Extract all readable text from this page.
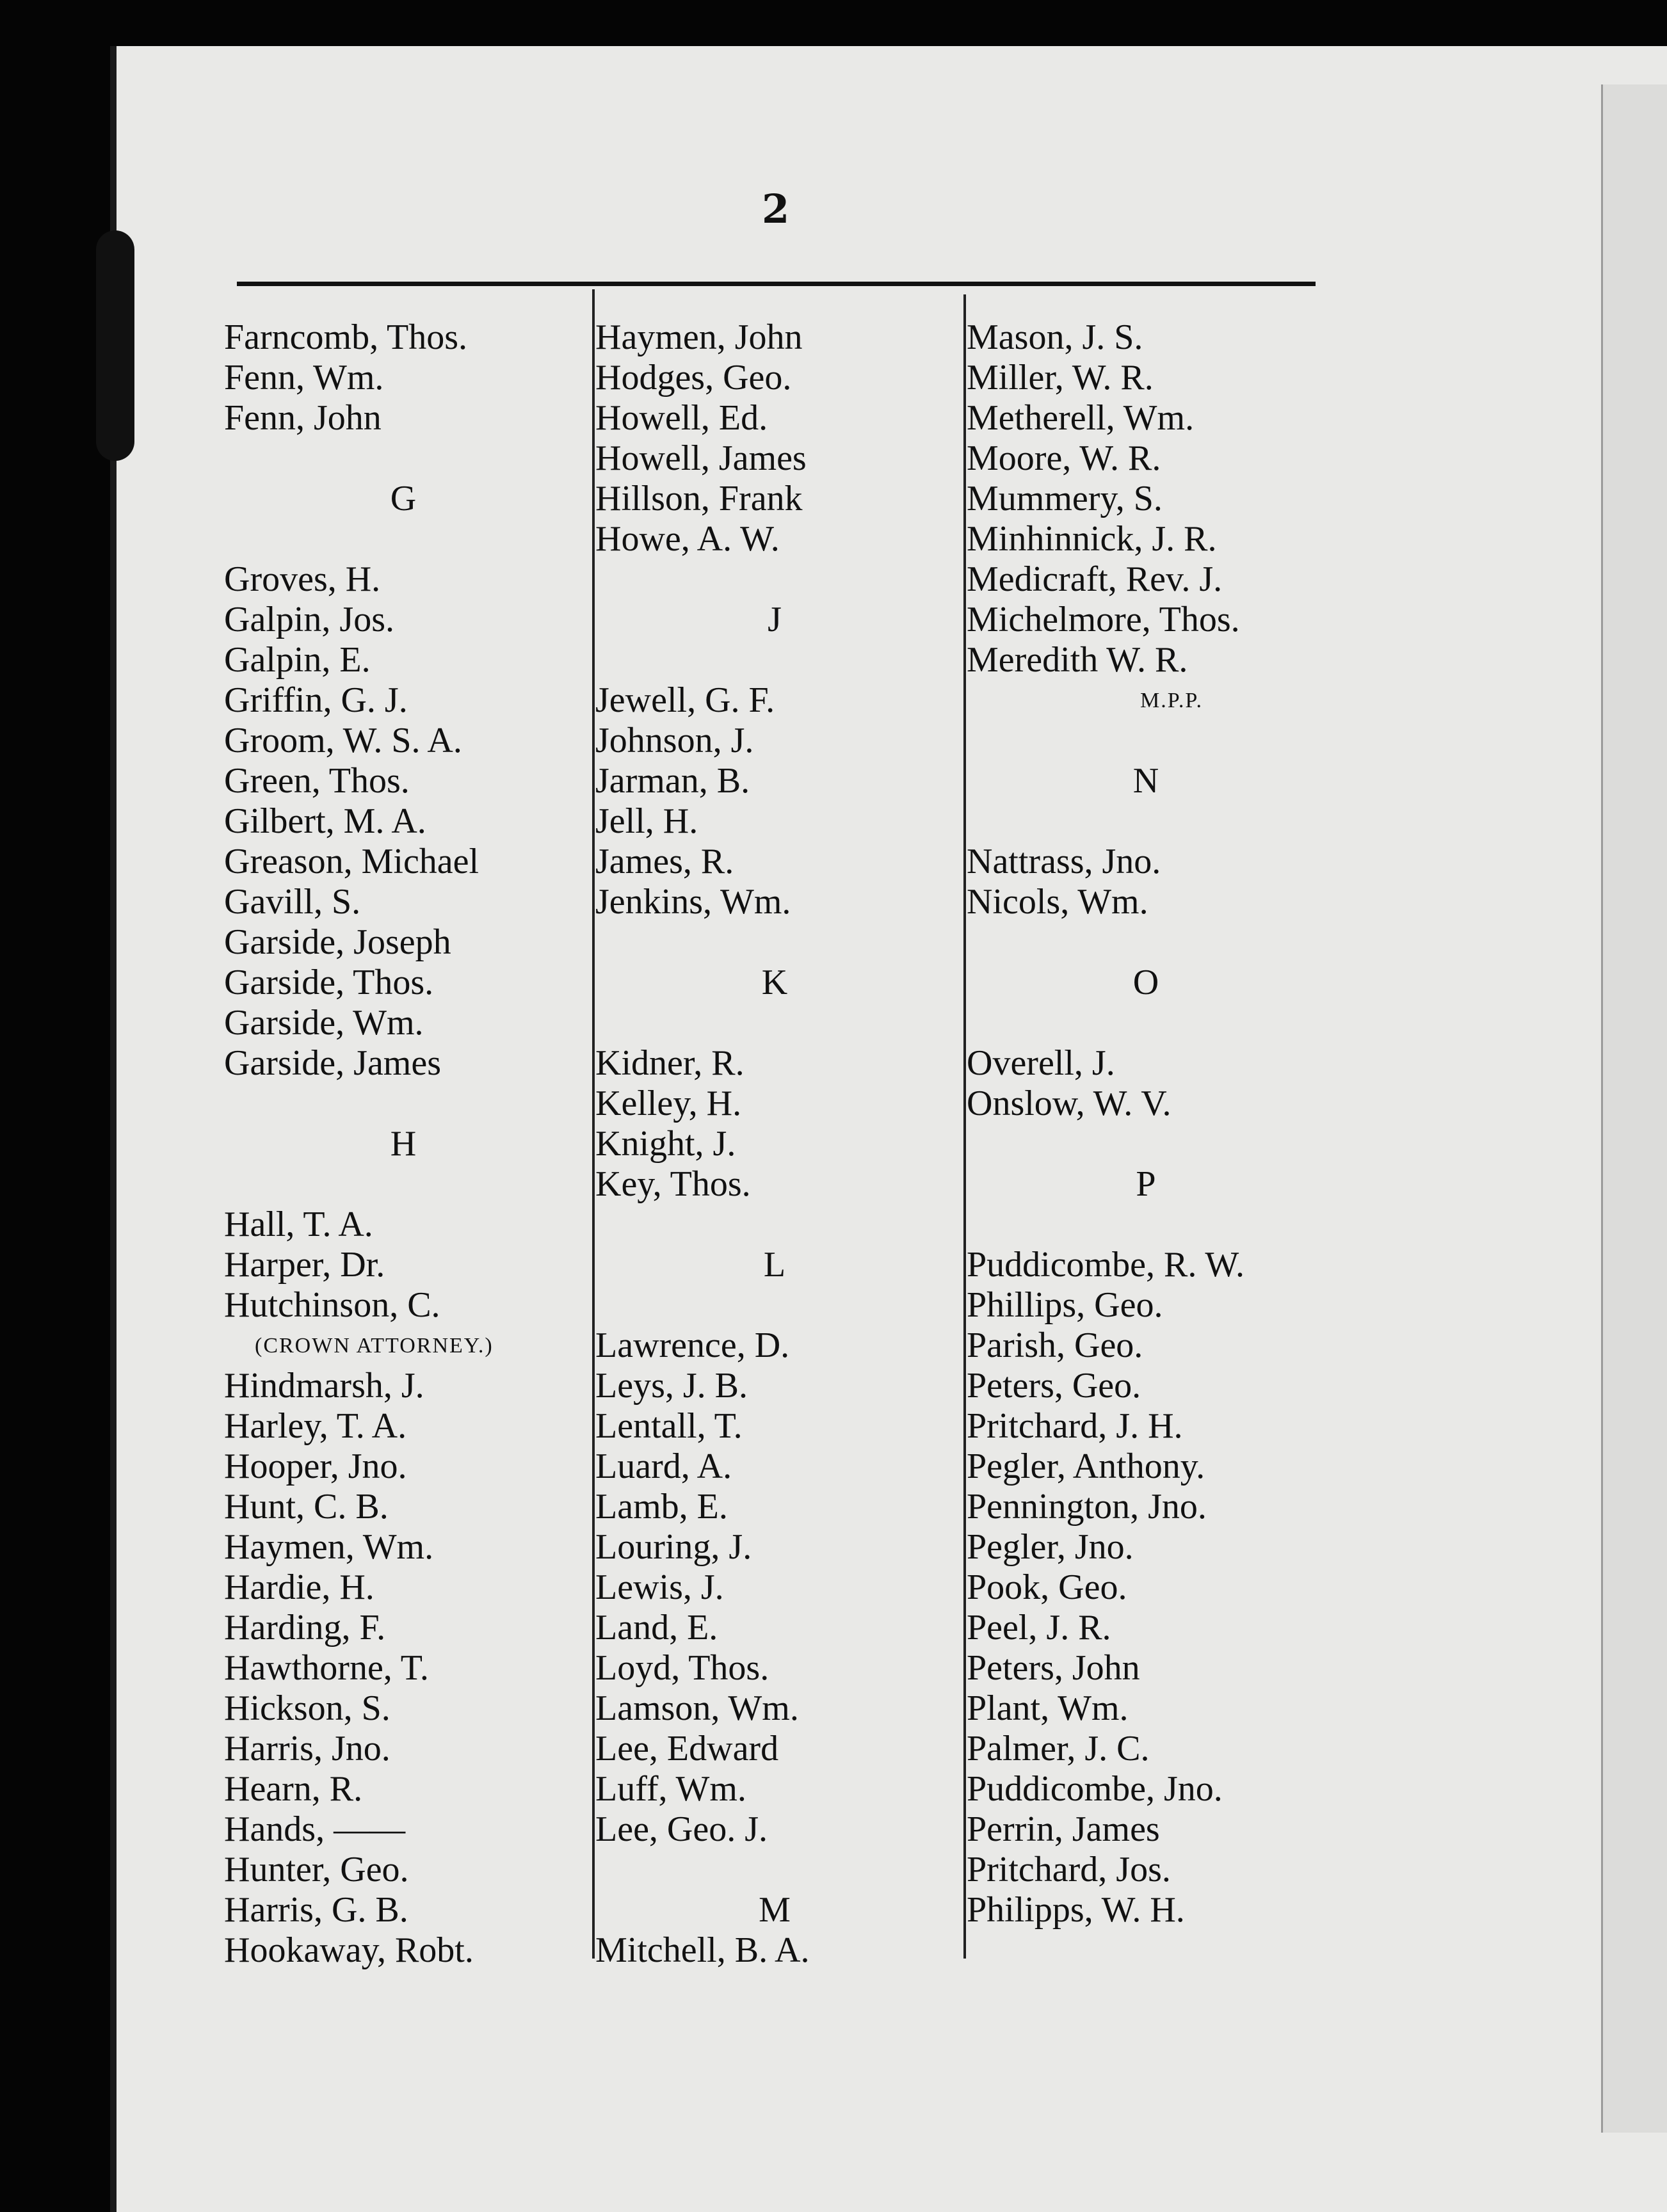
2
Farncomb, Thos.
Fenn, Wm.
Fenn, John
G
Groves, H.
Galpin, Jos.
Galpin, E.
Griffin, G. J.
Groom, W. S. A.
Green, Thos.
Gilbert, M. A.
Greason, Michael
Gavill, S.
Garside, Joseph
Garside, Thos.
Garside, Wm.
Garside, James
H
Hall, T. A.
Harper, Dr.
Hutchinson, C.
(CROWN ATTORNEY.)
Hindmarsh, J.
Harley, T. A.
Hooper, Jno.
Hunt, C. B.
Haymen, Wm.
Hardie, H.
Harding, F.
Hawthorne, T.
Hickson, S.
Harris, Jno.
Hearn, R.
Hands, ——
Hunter, Geo.
Harris, G. B.
Hookaway, Robt.
Haymen, John
Hodges, Geo.
Howell, Ed.
Howell, James
Hillson, Frank
Howe, A. W.
J
Jewell, G. F.
Johnson, J.
Jarman, B.
Jell, H.
James, R.
Jenkins, Wm.
K
Kidner, R.
Kelley, H.
Knight, J.
Key, Thos.
L
Lawrence, D.
Leys, J. B.
Lentall, T.
Luard, A.
Lamb, E.
Louring, J.
Lewis, J.
Land, E.
Loyd, Thos.
Lamson, Wm.
Lee, Edward
Luff, Wm.
Lee, Geo. J.
M
Mitchell, B. A.
Mason, J. S.
Miller, W. R.
Metherell, Wm.
Moore, W. R.
Mummery, S.
Minhinnick, J. R.
Medicraft, Rev. J.
Michelmore, Thos.
Meredith W. R.
M.P.P.
N
Nattrass, Jno.
Nicols, Wm.
O
Overell, J.
Onslow, W. V.
P
Puddicombe, R. W.
Phillips, Geo.
Parish, Geo.
Peters, Geo.
Pritchard, J. H.
Pegler, Anthony.
Pennington, Jno.
Pegler, Jno.
Pook, Geo.
Peel, J. R.
Peters, John
Plant, Wm.
Palmer, J. C.
Puddicombe, Jno.
Perrin, James
Pritchard, Jos.
Philipps, W. H.
